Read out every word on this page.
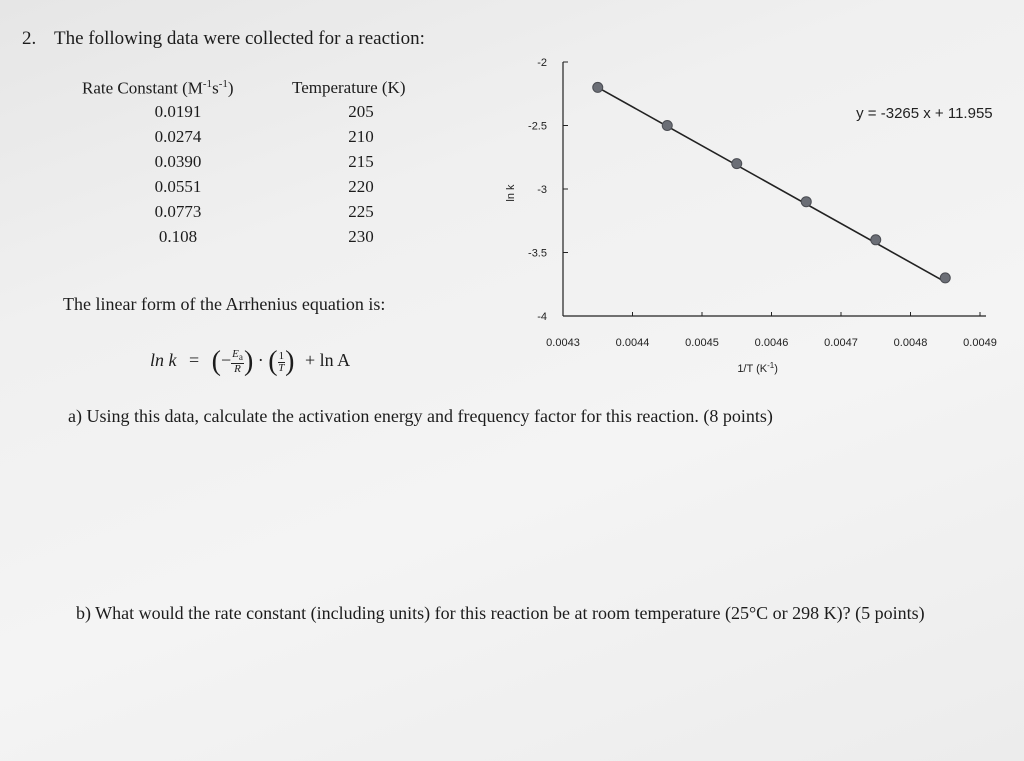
2. The following data were collected for a reaction:
Rate Constant $(M^{-1}s^{-1})$	Temperature (K)
0.0191	205
0.0274	210
0.0390	215
0.0551	220
0.0773	225
0.108	230
The linear form of the Arrhenius equation is:
ln k = (− $\frac{E_a}{R}$ ) · ( $\frac{1}{T}$ ) + ln A
a) Using this data, calculate the activation energy and frequency factor for this reaction. (8 points)
b) What would the rate constant (including units) for this reaction be at room temperature (25°C or 298 K)? (5 points)
-2
-2.5
-3
-3.5
-4
0.0043	0.0044	0.0045	0.0046	0.0047	0.0048	0.0049
ln k
1/T $(K^{-1})$
y = -3265 x + 11.955
